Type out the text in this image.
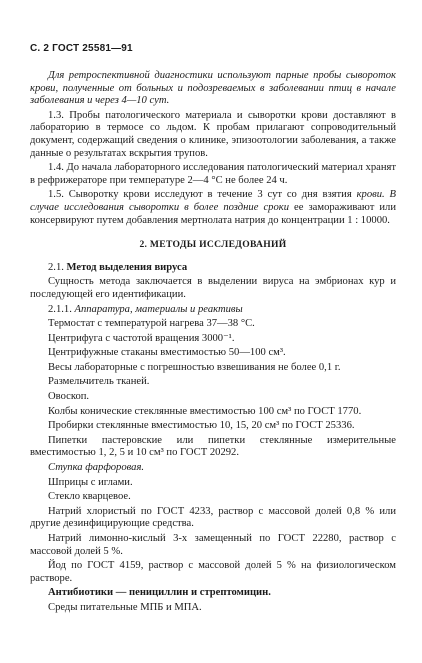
С. 2 ГОСТ 25581—91

Для ретроспективной диагностики используют парные пробы сывороток крови, полученные от больных и подозреваемых в заболевании птиц в начале заболевания и через 4—10 сут.

1.3. Пробы патологического материала и сыворотки крови доставляют в лабораторию в термосе со льдом. К пробам прилагают сопроводительный документ, содержащий сведения о клинике, эпизоотологии заболевания, а также данные о результатах вскрытия трупов.

1.4. До начала лабораторного исследования патологический материал хранят в рефрижераторе при температуре 2—4 °С не более 24 ч.

1.5. Сыворотку крови исследуют в течение 3 сут со дня взятия крови. В случае исследования сыворотки в более поздние сроки ее замораживают или консервируют путем добавления мертнолата натрия до концентрации 1 : 10000.

2. МЕТОДЫ ИССЛЕДОВАНИЙ

2.1. Метод выделения вируса

Сущность метода заключается в выделении вируса на эмбрионах кур и последующей его идентификации.

2.1.1. Аппаратура, материалы и реактивы

Термостат с температурой нагрева 37—38 °С.

Центрифуга с частотой вращения 3000⁻¹.

Центрифужные стаканы вместимостью 50—100 см³.

Весы лабораторные с погрешностью взвешивания не более 0,1 г.

Размельчитель тканей.

Овоскоп.

Колбы конические стеклянные вместимостью 100 см³ по ГОСТ 1770.

Пробирки стеклянные вместимостью 10, 15, 20 см³ по ГОСТ 25336.

Пипетки пастеровские или пипетки стеклянные измерительные вместимостью 1, 2, 5 и 10 см³ по ГОСТ 20292.

Ступка фарфоровая.

Шприцы с иглами.

Стекло кварцевое.

Натрий хлористый по ГОСТ 4233, раствор с массовой долей 0,8 % или другие дезинфицирующие средства.

Натрий лимонно-кислый 3-х замещенный по ГОСТ 22280, раствор с массовой долей 5 %.

Йод по ГОСТ 4159, раствор с массовой долей 5 % на физиологическом растворе.

Антибиотики — пенициллин и стрептомицин.

Среды питательные МПБ и МПА.
